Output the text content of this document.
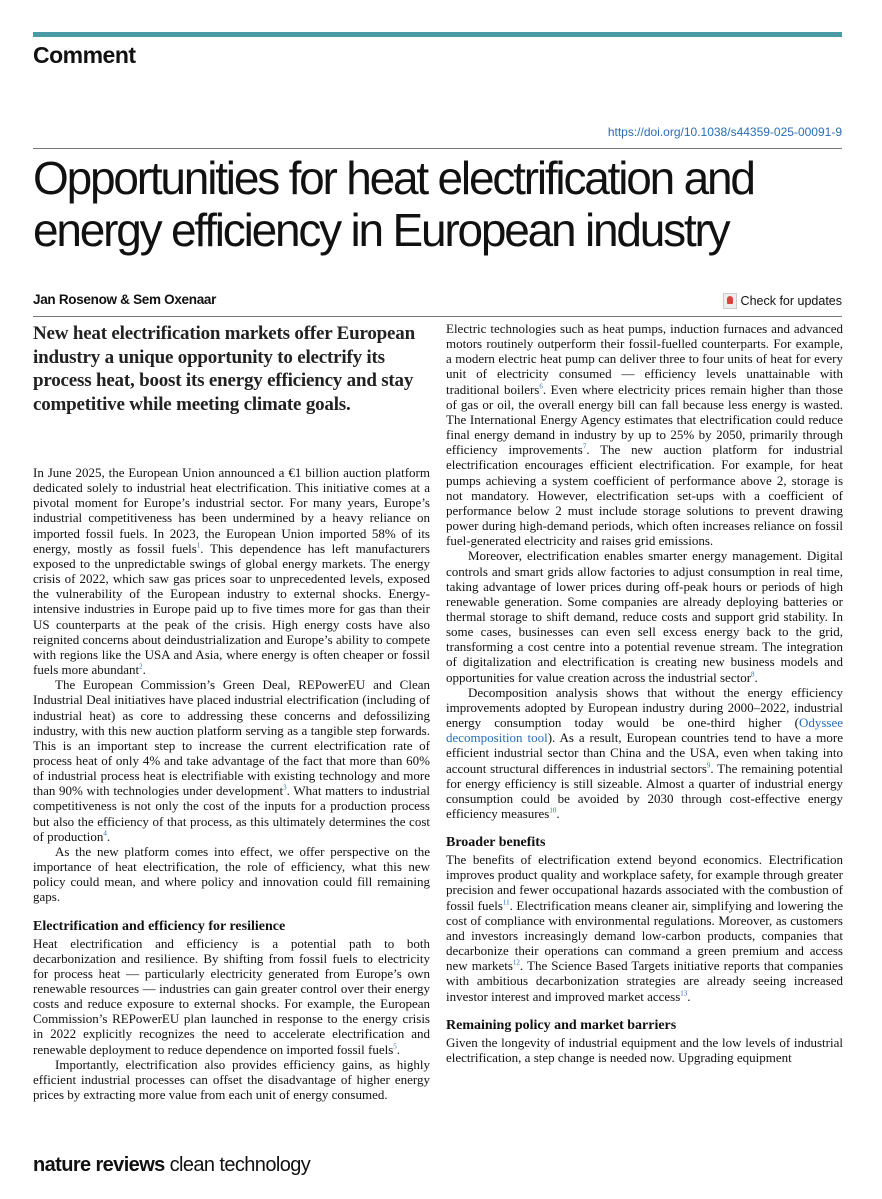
Comment
https://doi.org/10.1038/s44359-025-00091-9
Opportunities for heat electrification and energy efficiency in European industry
Jan Rosenow & Sem Oxenaar	Check for updates
New heat electrification markets offer European industry a unique opportunity to electrify its process heat, boost its energy efficiency and stay competitive while meeting climate goals.

In June 2025, the European Union announced a €1 billion auction platform dedicated solely to industrial heat electrification. This initiative comes at a pivotal moment for Europe’s industrial sector. For many years, Europe’s industrial competitiveness has been undermined by a heavy reliance on imported fossil fuels. In 2023, the European Union imported 58% of its energy, mostly as fossil fuels$^1$. This dependence has left manufacturers exposed to the unpredictable swings of global energy markets. The energy crisis of 2022, which saw gas prices soar to unprecedented levels, exposed the vulnerability of the European industry to external shocks. Energy-intensive industries in Europe paid up to five times more for gas than their US counterparts at the peak of the crisis. High energy costs have also reignited concerns about deindustrialization and Europe’s ability to compete with regions like the USA and Asia, where energy is often cheaper or fossil fuels more abundant$^2$.

The European Commission’s Green Deal, REPowerEU and Clean Industrial Deal initiatives have placed industrial electrification (including of industrial heat) as core to addressing these concerns and defossilizing industry, with this new auction platform serving as a tangible step forwards. This is an important step to increase the current electrification rate of process heat of only 4% and take advantage of the fact that more than 60% of industrial process heat is electrifiable with existing technology and more than 90% with technologies under development$^3$. What matters to industrial competitiveness is not only the cost of the inputs for a production process but also the efficiency of that process, as this ultimately determines the cost of production$^4$.

As the new platform comes into effect, we offer perspective on the importance of heat electrification, the role of efficiency, what this new policy could mean, and where policy and innovation could fill remaining gaps.

Electrification and efficiency for resilience

Heat electrification and efficiency is a potential path to both decarbonization and resilience. By shifting from fossil fuels to electricity for process heat — particularly electricity generated from Europe’s own renewable resources — industries can gain greater control over their energy costs and reduce exposure to external shocks. For example, the European Commission’s REPowerEU plan launched in response to the energy crisis in 2022 explicitly recognizes the need to accelerate electrification and renewable deployment to reduce dependence on imported fossil fuels$^5$.

Importantly, electrification also provides efficiency gains, as highly efficient industrial processes can offset the disadvantage of higher energy prices by extracting more value from each unit of energy consumed.

Electric technologies such as heat pumps, induction furnaces and advanced motors routinely outperform their fossil-fuelled counterparts. For example, a modern electric heat pump can deliver three to four units of heat for every unit of electricity consumed — efficiency levels unattainable with traditional boilers$^6$. Even where electricity prices remain higher than those of gas or oil, the overall energy bill can fall because less energy is wasted. The International Energy Agency estimates that electrification could reduce final energy demand in industry by up to 25% by 2050, primarily through efficiency improvements$^7$. The new auction platform for industrial electrification encourages efficient electrification. For example, for heat pumps achieving a system coefficient of performance above 2, storage is not mandatory. However, electrification set-ups with a coefficient of performance below 2 must include storage solutions to prevent drawing power during high-demand periods, which often increases reliance on fossil fuel-generated electricity and raises grid emissions.

Moreover, electrification enables smarter energy management. Digital controls and smart grids allow factories to adjust consumption in real time, taking advantage of lower prices during off-peak hours or periods of high renewable generation. Some companies are already deploying batteries or thermal storage to shift demand, reduce costs and support grid stability. In some cases, businesses can even sell excess energy back to the grid, transforming a cost centre into a potential revenue stream. The integration of digitalization and electrification is creating new business models and opportunities for value creation across the industrial sector$^8$.

Decomposition analysis shows that without the energy efficiency improvements adopted by European industry during 2000–2022, industrial energy consumption today would be one-third higher (Odyssee decomposition tool). As a result, European countries tend to have a more efficient industrial sector than China and the USA, even when taking into account structural differences in industrial sectors$^9$. The remaining potential for energy efficiency is still sizeable. Almost a quarter of industrial energy consumption could be avoided by 2030 through cost-effective energy efficiency measures$^{10}$.

Broader benefits

The benefits of electrification extend beyond economics. Electrification improves product quality and workplace safety, for example through greater precision and fewer occupational hazards associated with the combustion of fossil fuels$^{11}$. Electrification means cleaner air, simplifying and lowering the cost of compliance with environmental regulations. Moreover, as customers and investors increasingly demand low-carbon products, companies that decarbonize their operations can command a green premium and access new markets$^{12}$. The Science Based Targets initiative reports that companies with ambitious decarbonization strategies are already seeing increased investor interest and improved market access$^{13}$.

Remaining policy and market barriers

Given the longevity of industrial equipment and the low levels of industrial electrification, a step change is needed now. Upgrading equipment

nature reviews clean technology
